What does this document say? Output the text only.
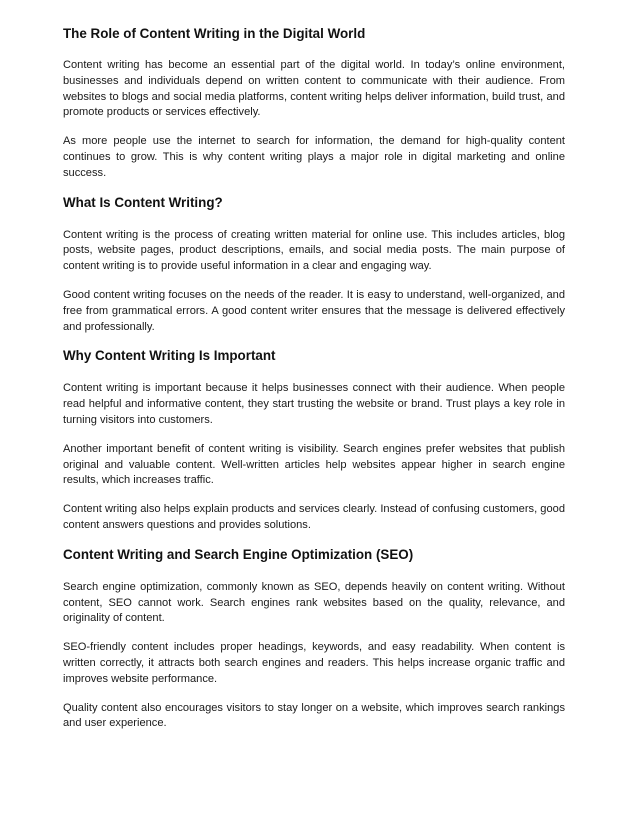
The Role of Content Writing in the Digital World

Content writing has become an essential part of the digital world. In today’s online environment, businesses and individuals depend on written content to communicate with their audience. From websites to blogs and social media platforms, content writing helps deliver information, build trust, and promote products or services effectively.

As more people use the internet to search for information, the demand for high-quality content continues to grow. This is why content writing plays a major role in digital marketing and online success.

What Is Content Writing?

Content writing is the process of creating written material for online use. This includes articles, blog posts, website pages, product descriptions, emails, and social media posts. The main purpose of content writing is to provide useful information in a clear and engaging way.

Good content writing focuses on the needs of the reader. It is easy to understand, well-organized, and free from grammatical errors. A good content writer ensures that the message is delivered effectively and professionally.

Why Content Writing Is Important

Content writing is important because it helps businesses connect with their audience. When people read helpful and informative content, they start trusting the website or brand. Trust plays a key role in turning visitors into customers.

Another important benefit of content writing is visibility. Search engines prefer websites that publish original and valuable content. Well-written articles help websites appear higher in search engine results, which increases traffic.

Content writing also helps explain products and services clearly. Instead of confusing customers, good content answers questions and provides solutions.

Content Writing and Search Engine Optimization (SEO)

Search engine optimization, commonly known as SEO, depends heavily on content writing. Without content, SEO cannot work. Search engines rank websites based on the quality, relevance, and originality of content.

SEO-friendly content includes proper headings, keywords, and easy readability. When content is written correctly, it attracts both search engines and readers. This helps increase organic traffic and improves website performance.

Quality content also encourages visitors to stay longer on a website, which improves search rankings and user experience.
